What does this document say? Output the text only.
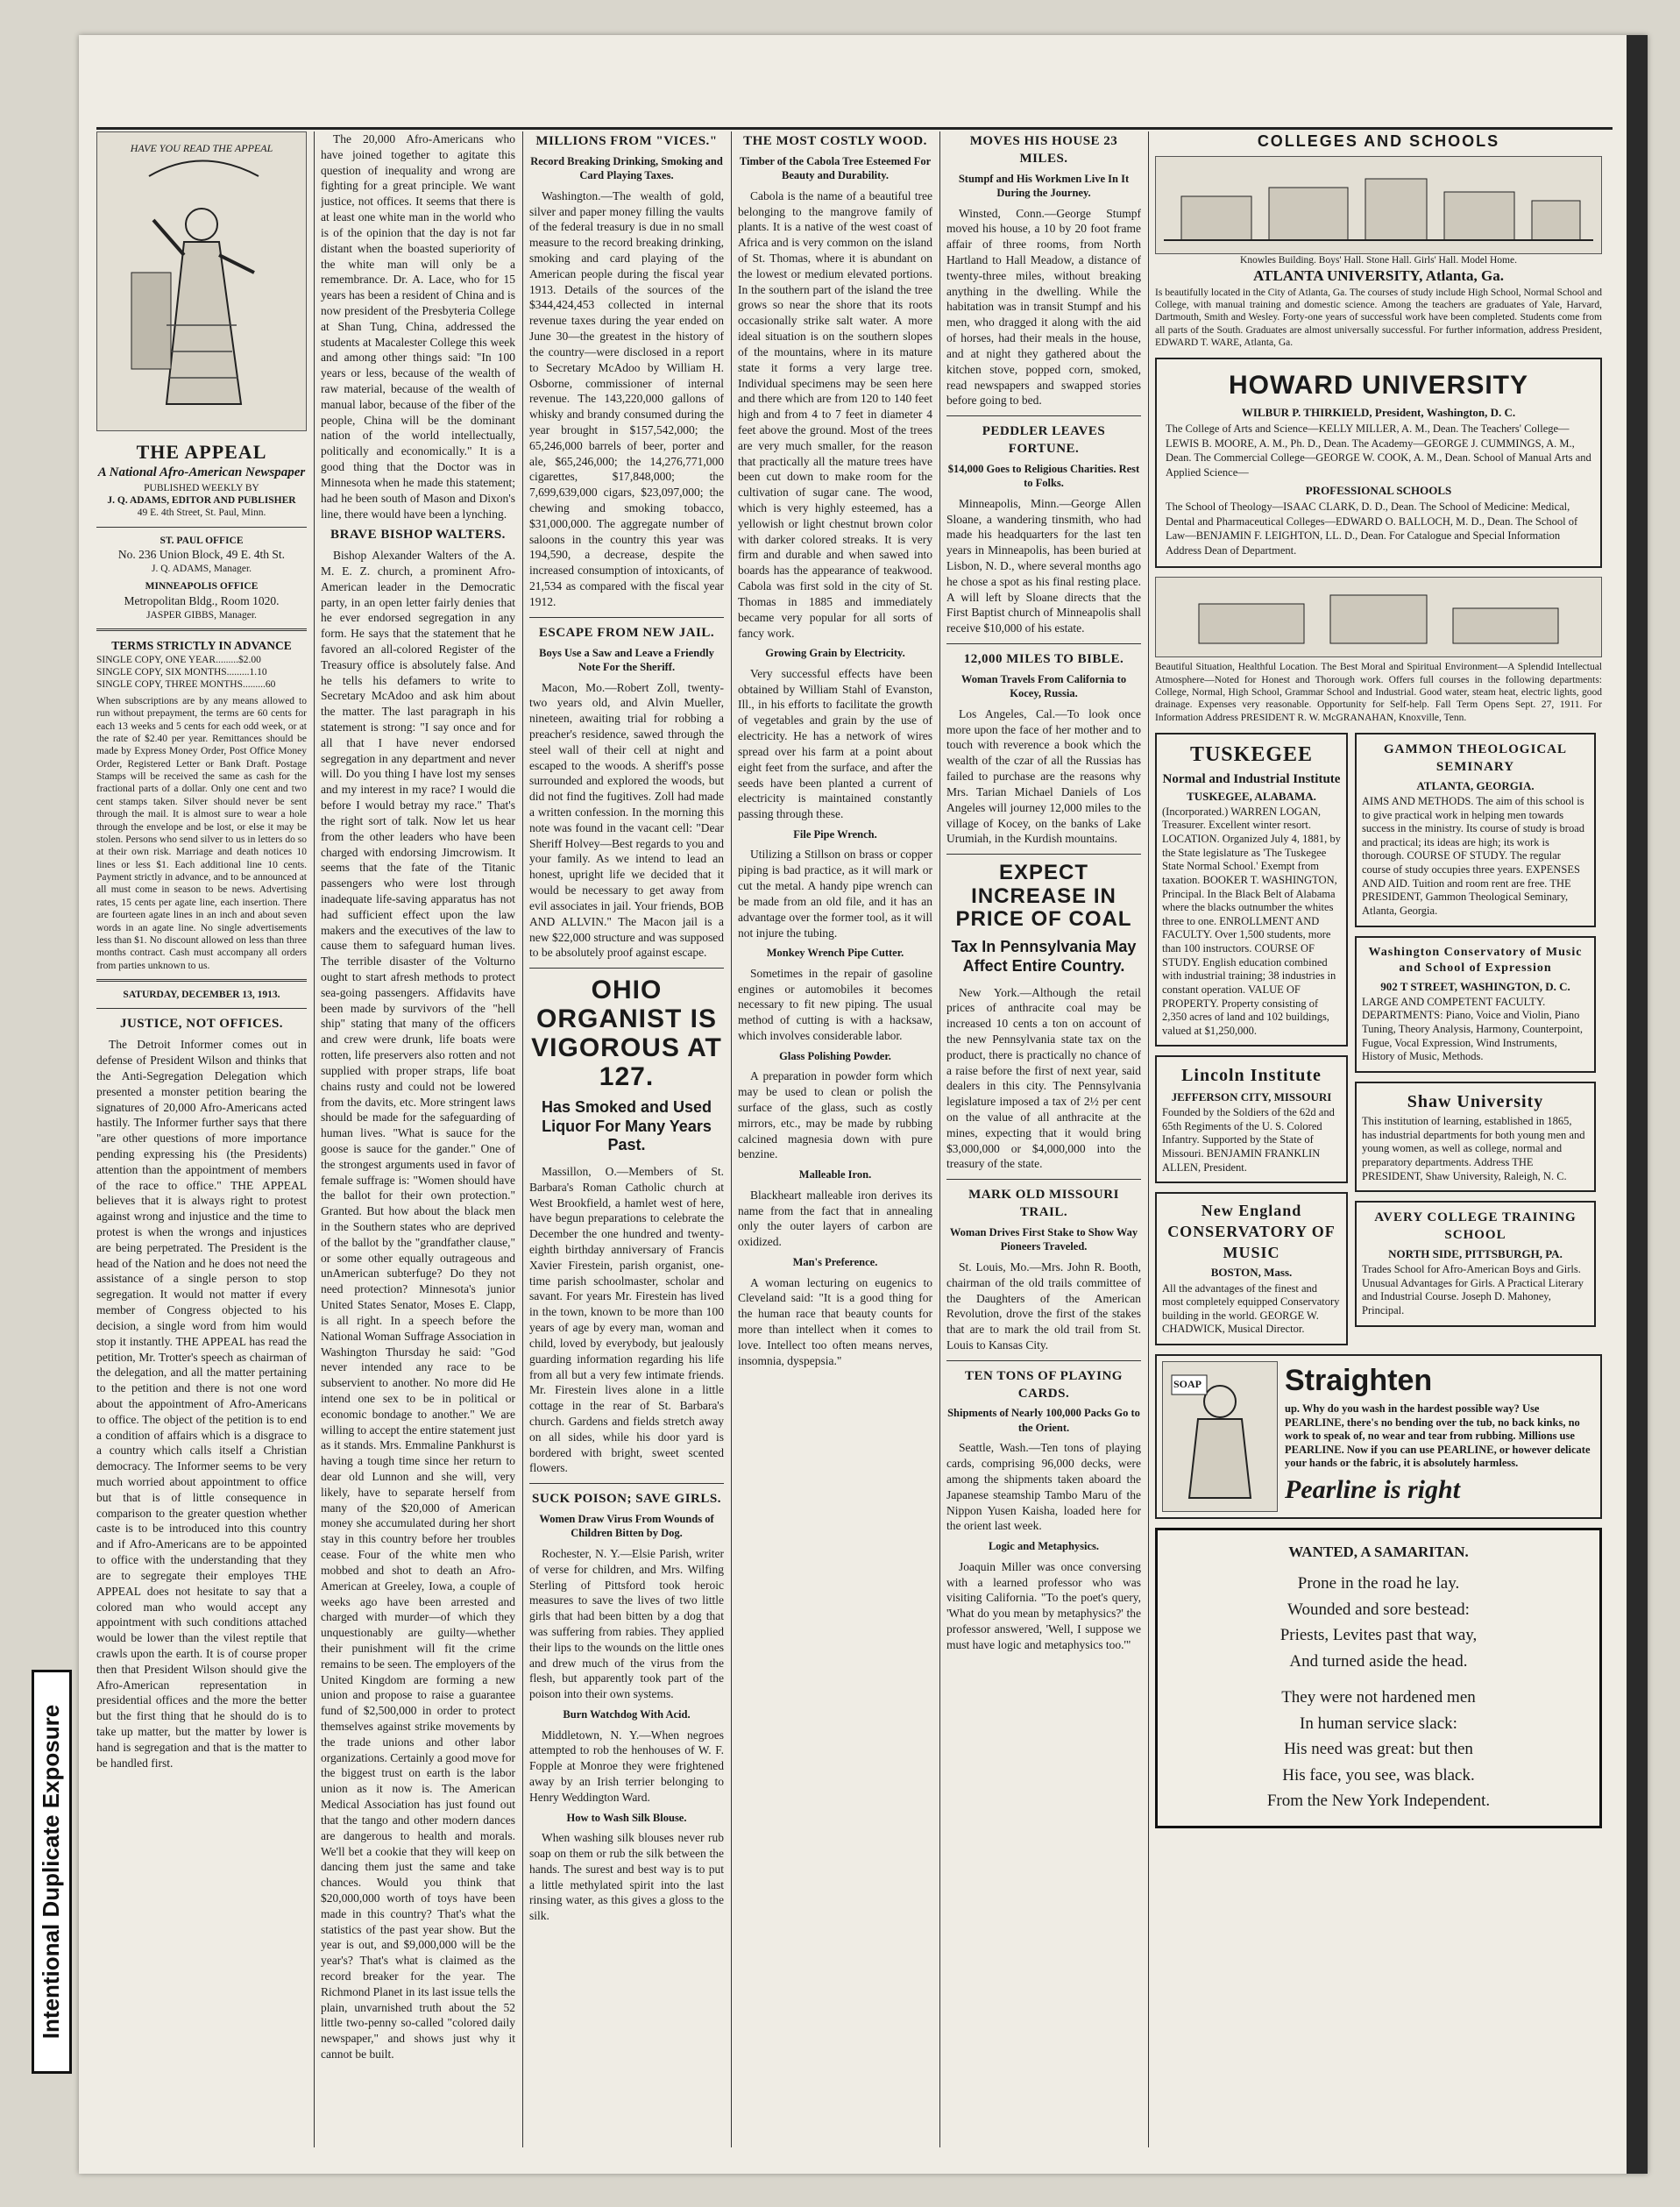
HAVE YOU READ THE APPEAL
THE APPEAL
A National Afro-American Newspaper
PUBLISHED WEEKLY BY
J. Q. ADAMS, EDITOR AND PUBLISHER
49 E. 4th Street, St. Paul, Minn.
ST. PAUL OFFICE
No. 236 Union Block, 49 E. 4th St.
J. Q. ADAMS, Manager.
MINNEAPOLIS OFFICE
Metropolitan Bldg., Room 1020.
JASPER GIBBS, Manager.
TERMS STRICTLY IN ADVANCE
SINGLE COPY, ONE YEAR.........$2.00
SINGLE COPY, SIX MONTHS.........1.10
SINGLE COPY, THREE MONTHS.........60
When subscriptions are by any means allowed to run without prepayment, the terms are 60 cents for each 13 weeks and 5 cents for each odd week, or at the rate of $2.40 per year. Remittances should be made by Express Money Order, Post Office Money Order, Registered Letter or Bank Draft. Postage Stamps will be received the same as cash for the fractional parts of a dollar. Only one cent and two cent stamps taken. Silver should never be sent through the mail. It is almost sure to wear a hole through the envelope and be lost, or else it may be stolen. Persons who send silver to us in letters do so at their own risk. Marriage and death notices 10 lines or less $1. Each additional line 10 cents. Payment strictly in advance, and to be announced at all must come in season to be news. Advertising rates, 15 cents per agate line, each insertion. There are fourteen agate lines in an inch and about seven words in an agate line. No single advertisements less than $1. No discount allowed on less than three months contract. Cash must accompany all orders from parties unknown to us.
SATURDAY, DECEMBER 13, 1913.
JUSTICE, NOT OFFICES.

The Detroit Informer comes out in defense of President Wilson and thinks that the Anti-Segregation Delegation which presented a monster petition bearing the signatures of 20,000 Afro-Americans acted hastily. The Informer further says that there "are other questions of more importance pending expressing his (the Presidents) attention than the appointment of members of the race to office." THE APPEAL believes that it is always right to protest against wrong and injustice and the time to protest is when the wrongs and injustices are being perpetrated. The President is the head of the Nation and he does not need the assistance of a single person to stop segregation. It would not matter if every member of Congress objected to his decision, a single word from him would stop it instantly. THE APPEAL has read the petition, Mr. Trotter's speech as chairman of the delegation, and all the matter pertaining to the petition and there is not one word about the appointment of Afro-Americans to office. The object of the petition is to end a condition of affairs which is a disgrace to a country which calls itself a Christian democracy. The Informer seems to be very much worried about appointment to office but that is of little consequence in comparison to the greater question whether caste is to be introduced into this country and if Afro-Americans are to be appointed to office with the understanding that they are to segregate their employes THE APPEAL does not hesitate to say that a colored man who would accept any appointment with such conditions attached would be lower than the vilest reptile that crawls upon the earth. It is of course proper then that President Wilson should give the Afro-American representation in presidential offices and the more the better but the first thing that he should do is to take up matter, but the matter by lower is hand is segregation and that is the matter to be handled first.

The 20,000 Afro-Americans who have joined together to agitate this question of inequality and wrong are fighting for a great principle. We want justice, not offices. It seems that there is at least one white man in the world who is of the opinion that the day is not far distant when the boasted superiority of the white man will only be a remembrance. Dr. A. Lace, who for 15 years has been a resident of China and is now president of the Presbyteria College at Shan Tung, China, addressed the students at Macalester College this week and among other things said: "In 100 years or less, because of the wealth of raw material, because of the wealth of manual labor, because of the fiber of the people, China will be the dominant nation of the world intellectually, politically and economically." It is a good thing that the Doctor was in Minnesota when he made this statement; had he been south of Mason and Dixon's line, there would have been a lynching.

BRAVE BISHOP WALTERS.

Bishop Alexander Walters of the A. M. E. Z. church, a prominent Afro-American leader in the Democratic party, in an open letter fairly denies that he ever endorsed segregation in any form. He says that the statement that he favored an all-colored Register of the Treasury office is absolutely false. And he tells his defamers to write to Secretary McAdoo and ask him about the matter. The last paragraph in his statement is strong: "I say once and for all that I have never endorsed segregation in any department and never will. Do you thing I have lost my senses and my interest in my race? I would die before I would betray my race." That's the right sort of talk. Now let us hear from the other leaders who have been charged with endorsing Jimcrowism. It seems that the fate of the Titanic passengers who were lost through inadequate life-saving apparatus has not had sufficient effect upon the law makers and the executives of the law to cause them to safeguard human lives. The terrible disaster of the Volturno ought to start afresh methods to protect sea-going passengers. Affidavits have been made by survivors of the "hell ship" stating that many of the officers and crew were drunk, life boats were rotten, life preservers also rotten and not supplied with proper straps, life boat chains rusty and could not be lowered from the davits, etc. More stringent laws should be made for the safeguarding of human lives. "What is sauce for the goose is sauce for the gander." One of the strongest arguments used in favor of female suffrage is: "Women should have the ballot for their own protection." Granted. But how about the black men in the Southern states who are deprived of the ballot by the "grandfather clause," or some other equally outrageous and unAmerican subterfuge? Do they not need protection? Minnesota's junior United States Senator, Moses E. Clapp, is all right. In a speech before the National Woman Suffrage Association in Washington Thursday he said: "God never intended any race to be subservient to another. No more did He intend one sex to be in political or economic bondage to another." We are willing to accept the entire statement just as it stands. Mrs. Emmaline Pankhurst is having a tough time since her return to dear old Lunnon and she will, very likely, have to separate herself from many of the $20,000 of American money she accumulated during her short stay in this country before her troubles cease. Four of the white men who mobbed and shot to death an Afro-American at Greeley, Iowa, a couple of weeks ago have been arrested and charged with murder—of which they unquestionably are guilty—whether their punishment will fit the crime remains to be seen. The employers of the United Kingdom are forming a new union and propose to raise a guarantee fund of $2,500,000 in order to protect themselves against strike movements by the trade unions and other labor organizations. Certainly a good move for the biggest trust on earth is the labor union as it now is. The American Medical Association has just found out that the tango and other modern dances are dangerous to health and morals. We'll bet a cookie that they will keep on dancing them just the same and take chances. Would you think that $20,000,000 worth of toys have been made in this country? That's what the statistics of the past year show. But the year is out, and $9,000,000 will be the year's? That's what is claimed as the record breaker for the year. The Richmond Planet in its last issue tells the plain, unvarnished truth about the 52 little two-penny so-called "colored daily newspaper," and shows just why it cannot be built.

MILLIONS FROM "VICES."
Record Breaking Drinking, Smoking and Card Playing Taxes.

Washington.—The wealth of gold, silver and paper money filling the vaults of the federal treasury is due in no small measure to the record breaking drinking, smoking and card playing of the American people during the fiscal year 1913. Details of the sources of the $344,424,453 collected in internal revenue taxes during the year ended on June 30—the greatest in the history of the country—were disclosed in a report to Secretary McAdoo by William H. Osborne, commissioner of internal revenue. The 143,220,000 gallons of whisky and brandy consumed during the year brought in $157,542,000; the 65,246,000 barrels of beer, porter and ale, $65,246,000; the 14,276,771,000 cigarettes, $17,848,000; the 7,699,639,000 cigars, $23,097,000; the chewing and smoking tobacco, $31,000,000. The aggregate number of saloons in the country this year was 194,590, a decrease, despite the increased consumption of intoxicants, of 21,534 as compared with the fiscal year 1912.

ESCAPE FROM NEW JAIL.
Boys Use a Saw and Leave a Friendly Note For the Sheriff.

Macon, Mo.—Robert Zoll, twenty-two years old, and Alvin Mueller, nineteen, awaiting trial for robbing a preacher's residence, sawed through the steel wall of their cell at night and escaped to the woods. A sheriff's posse surrounded and explored the woods, but did not find the fugitives. Zoll had made a written confession. In the morning this note was found in the vacant cell: "Dear Sheriff Holvey—Best regards to you and your family. As we intend to lead an honest, upright life we decided that it would be necessary to get away from evil associates in jail. Your friends, BOB AND ALLVIN." The Macon jail is a new $22,000 structure and was supposed to be absolutely proof against escape.

OHIO ORGANIST IS VIGOROUS AT 127.
Has Smoked and Used Liquor For Many Years Past.

Massillon, O.—Members of St. Barbara's Roman Catholic church at West Brookfield, a hamlet west of here, have begun preparations to celebrate the December the one hundred and twenty-eighth birthday anniversary of Francis Xavier Firestein, parish organist, one-time parish schoolmaster, scholar and savant. For years Mr. Firestein has lived in the town, known to be more than 100 years of age by every man, woman and child, loved by everybody, but jealously guarding information regarding his life from all but a very few intimate friends. Mr. Firestein lives alone in a little cottage in the rear of St. Barbara's church. Gardens and fields stretch away on all sides, while his door yard is bordered with bright, sweet scented flowers.

SUCK POISON; SAVE GIRLS.
Women Draw Virus From Wounds of Children Bitten by Dog.

Rochester, N. Y.—Elsie Parish, writer of verse for children, and Mrs. Wilfing Sterling of Pittsford took heroic measures to save the lives of two little girls that had been bitten by a dog that was suffering from rabies. They applied their lips to the wounds on the little ones and drew much of the virus from the flesh, but apparently took part of the poison into their own systems.

Burn Watchdog With Acid.

Middletown, N. Y.—When negroes attempted to rob the henhouses of W. F. Fopple at Monroe they were frightened away by an Irish terrier belonging to Henry Weddington Ward.

How to Wash Silk Blouse.

When washing silk blouses never rub soap on them or rub the silk between the hands. The surest and best way is to put a little methylated spirit into the last rinsing water, as this gives a gloss to the silk.

THE MOST COSTLY WOOD.
Timber of the Cabola Tree Esteemed For Beauty and Durability.

Cabola is the name of a beautiful tree belonging to the mangrove family of plants. It is a native of the west coast of Africa and is very common on the island of St. Thomas, where it is abundant on the lowest or medium elevated portions. In the southern part of the island the tree grows so near the shore that its roots occasionally strike salt water. A more ideal situation is on the southern slopes of the mountains, where in its mature state it forms a very large tree. Individual specimens may be seen here and there which are from 120 to 140 feet high and from 4 to 7 feet in diameter 4 feet above the ground. Most of the trees are very much smaller, for the reason that practically all the mature trees have been cut down to make room for the cultivation of sugar cane. The wood, which is very highly esteemed, has a yellowish or light chestnut brown color with darker colored streaks. It is very firm and durable and when sawed into boards has the appearance of teakwood. Cabola was first sold in the city of St. Thomas in 1885 and immediately became very popular for all sorts of fancy work.

Growing Grain by Electricity.

Very successful effects have been obtained by William Stahl of Evanston, Ill., in his efforts to facilitate the growth of vegetables and grain by the use of electricity. He has a network of wires spread over his farm at a point about eight feet from the surface, and after the seeds have been planted a current of electricity is maintained constantly passing through these.

File Pipe Wrench.

Utilizing a Stillson on brass or copper piping is bad practice, as it will mark or cut the metal. A handy pipe wrench can be made from an old file, and it has an advantage over the former tool, as it will not injure the tubing.

Monkey Wrench Pipe Cutter.

Sometimes in the repair of gasoline engines or automobiles it becomes necessary to fit new piping. The usual method of cutting is with a hacksaw, which involves considerable labor.

Glass Polishing Powder.

A preparation in powder form which may be used to clean or polish the surface of the glass, such as costly mirrors, etc., may be made by rubbing calcined magnesia down with pure benzine.

Malleable Iron.

Blackheart malleable iron derives its name from the fact that in annealing only the outer layers of carbon are oxidized.

Man's Preference.

A woman lecturing on eugenics to Cleveland said: "It is a good thing for the human race that beauty counts for more than intellect when it comes to love. Intellect too often means nerves, insomnia, dyspepsia."

MOVES HIS HOUSE 23 MILES.
Stumpf and His Workmen Live In It During the Journey.

Winsted, Conn.—George Stumpf moved his house, a 10 by 20 foot frame affair of three rooms, from North Hartland to Hall Meadow, a distance of twenty-three miles, without breaking anything in the dwelling. While the habitation was in transit Stumpf and his men, who dragged it along with the aid of horses, had their meals in the house, and at night they gathered about the kitchen stove, popped corn, smoked, read newspapers and swapped stories before going to bed.

PEDDLER LEAVES FORTUNE.
$14,000 Goes to Religious Charities. Rest to Folks.

Minneapolis, Minn.—George Allen Sloane, a wandering tinsmith, who had made his headquarters for the last ten years in Minneapolis, has been buried at Lisbon, N. D., where several months ago he chose a spot as his final resting place. A will left by Sloane directs that the First Baptist church of Minneapolis shall receive $10,000 of his estate.

12,000 MILES TO BIBLE.
Woman Travels From California to Kocey, Russia.

Los Angeles, Cal.—To look once more upon the face of her mother and to touch with reverence a book which the wealth of the czar of all the Russias has failed to purchase are the reasons why Mrs. Tarian Michael Daniels of Los Angeles will journey 12,000 miles to the village of Kocey, on the banks of Lake Urumiah, in the Kurdish mountains.

EXPECT INCREASE IN PRICE OF COAL
Tax In Pennsylvania May Affect Entire Country.

New York.—Although the retail prices of anthracite coal may be increased 10 cents a ton on account of the new Pennsylvania state tax on the product, there is practically no chance of a raise before the first of next year, said dealers in this city. The Pennsylvania legislature imposed a tax of 2½ per cent on the value of all anthracite at the mines, expecting that it would bring $3,000,000 or $4,000,000 into the treasury of the state.

MARK OLD MISSOURI TRAIL.
Woman Drives First Stake to Show Way Pioneers Traveled.

St. Louis, Mo.—Mrs. John R. Booth, chairman of the old trails committee of the Daughters of the American Revolution, drove the first of the stakes that are to mark the old trail from St. Louis to Kansas City.

TEN TONS OF PLAYING CARDS.
Shipments of Nearly 100,000 Packs Go to the Orient.

Seattle, Wash.—Ten tons of playing cards, comprising 96,000 decks, were among the shipments taken aboard the Japanese steamship Tambo Maru of the Nippon Yusen Kaisha, loaded here for the orient last week.

Logic and Metaphysics.

Joaquin Miller was once conversing with a learned professor who was visiting California. "To the poet's query, 'What do you mean by metaphysics?' the professor answered, 'Well, I suppose we must have logic and metaphysics too.'"

COLLEGES AND SCHOOLS
Knowles Building. Boys' Hall. Stone Hall. Girls' Hall. Model Home.
ATLANTA UNIVERSITY, Atlanta, Ga.
Is beautifully located in the City of Atlanta, Ga. The courses of study include High School, Normal School and College, with manual training and domestic science. Among the teachers are graduates of Yale, Harvard, Dartmouth, Smith and Wesley. Forty-one years of successful work have been completed. Students come from all parts of the South. Graduates are almost universally successful. For further information, address President, EDWARD T. WARE, Atlanta, Ga.
HOWARD UNIVERSITY
WILBUR P. THIRKIELD, President, Washington, D. C.

The College of Arts and Science—KELLY MILLER, A. M., Dean. The Teachers' College—LEWIS B. MOORE, A. M., Ph. D., Dean. The Academy—GEORGE J. CUMMINGS, A. M., Dean. The Commercial College—GEORGE W. COOK, A. M., Dean. School of Manual Arts and Applied Science—

PROFESSIONAL SCHOOLS

The School of Theology—ISAAC CLARK, D. D., Dean. The School of Medicine: Medical, Dental and Pharmaceutical Colleges—EDWARD O. BALLOCH, M. D., Dean. The School of Law—BENJAMIN F. LEIGHTON, LL. D., Dean. For Catalogue and Special Information Address Dean of Department.

Beautiful Situation, Healthful Location. The Best Moral and Spiritual Environment—A Splendid Intellectual Atmosphere—Noted for Honest and Thorough work. Offers full courses in the following departments: College, Normal, High School, Grammar School and Industrial. Good water, steam heat, electric lights, good drainage. Expenses very reasonable. Opportunity for Self-help. Fall Term Opens Sept. 27, 1911. For Information Address PRESIDENT R. W. McGRANAHAN, Knoxville, Tenn.
TUSKEGEE
Normal and Industrial Institute
TUSKEGEE, ALABAMA.

(Incorporated.) WARREN LOGAN, Treasurer. Excellent winter resort. LOCATION. Organized July 4, 1881, by the State legislature as 'The Tuskegee State Normal School.' Exempt from taxation. BOOKER T. WASHINGTON, Principal. In the Black Belt of Alabama where the blacks outnumber the whites three to one. ENROLLMENT AND FACULTY. Over 1,500 students, more than 100 instructors. COURSE OF STUDY. English education combined with industrial training; 38 industries in constant operation. VALUE OF PROPERTY. Property consisting of 2,350 acres of land and 102 buildings, valued at $1,250,000.

Lincoln Institute
JEFFERSON CITY, MISSOURI

Founded by the Soldiers of the 62d and 65th Regiments of the U. S. Colored Infantry. Supported by the State of Missouri. BENJAMIN FRANKLIN ALLEN, President.

New England CONSERVATORY OF MUSIC
BOSTON, Mass.

All the advantages of the finest and most completely equipped Conservatory building in the world. GEORGE W. CHADWICK, Musical Director.

GAMMON THEOLOGICAL SEMINARY
ATLANTA, GEORGIA.

AIMS AND METHODS. The aim of this school is to give practical work in helping men towards success in the ministry. Its course of study is broad and practical; its ideas are high; its work is thorough. COURSE OF STUDY. The regular course of study occupies three years. EXPENSES AND AID. Tuition and room rent are free. THE PRESIDENT, Gammon Theological Seminary, Atlanta, Georgia.

Washington Conservatory of Music and School of Expression
902 T STREET, WASHINGTON, D. C.

LARGE AND COMPETENT FACULTY. DEPARTMENTS: Piano, Voice and Violin, Piano Tuning, Theory Analysis, Harmony, Counterpoint, Fugue, Vocal Expression, Wind Instruments, History of Music, Methods.

Shaw University

This institution of learning, established in 1865, has industrial departments for both young men and young women, as well as college, normal and preparatory departments. Address THE PRESIDENT, Shaw University, Raleigh, N. C.

AVERY COLLEGE TRAINING SCHOOL
NORTH SIDE, PITTSBURGH, PA.

Trades School for Afro-American Boys and Girls. Unusual Advantages for Girls. A Practical Literary and Industrial Course. Joseph D. Mahoney, Principal.

SOAP	Straighten

up. Why do you wash in the hardest possible way? Use PEARLINE, there's no bending over the tub, no back kinks, no work to speak of, no wear and tear from rubbing. Millions use PEARLINE. Now if you can use PEARLINE, or however delicate your hands or the fabric, it is absolutely harmless.

Pearline is right
WANTED, A SAMARITAN.
Prone in the road he lay.
Wounded and sore bestead:
Priests, Levites past that way,
And turned aside the head.
They were not hardened men
In human service slack:
His need was great: but then
His face, you see, was black.
From the New York Independent.
Intentional Duplicate Exposure
